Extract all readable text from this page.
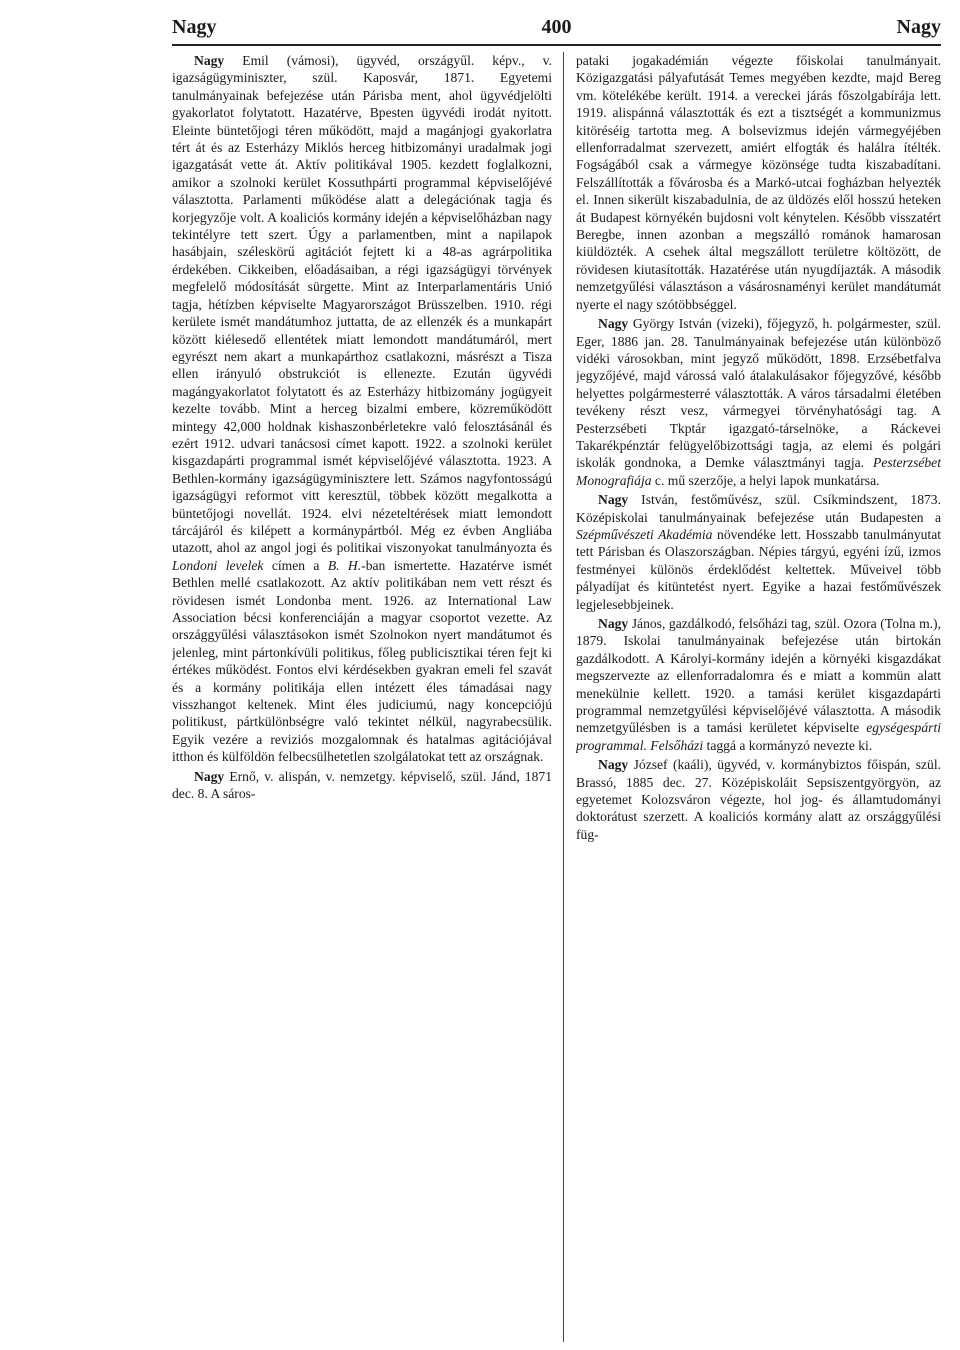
Nagy	400	Nagy

Nagy Emil (vámosi), ügyvéd, országyűl. képv., v. igazságügyminiszter, szül. Kaposvár, 1871. Egyetemi tanulmányainak befejezése után Párisba ment, ahol ügyvédjelölti gyakorlatot folytatott. Hazatérve, Bpesten ügyvédi irodát nyitott. Eleinte büntetőjogi téren működött, majd a magánjogi gyakorlatra tért át és az Esterházy Miklós herceg hitbizományi uradalmak jogi igazgatását vette át. Aktív politikával 1905. kezdett foglalkozni, amikor a szolnoki kerület Kossuthpárti programmal képviselőjévé választotta. Parlamenti működése alatt a delegációnak tagja és korjegyzője volt. A koaliciós kormány idején a képviselőházban nagy tekintélyre tett szert. Úgy a parlamentben, mint a napilapok hasábjain, széleskörű agitációt fejtett ki a 48-as agrárpolitika érdekében. Cikkeiben, előadásaiban, a régi igazságügyi törvények megfelelő módosítását sürgette. Mint az Interparlamentáris Unió tagja, hétízben képviselte Magyarországot Brüsszelben. 1910. régi kerülete ismét mandátumhoz juttatta, de az ellenzék és a munkapárt között kiélesedő ellentétek miatt lemondott mandátumáról, mert egyrészt nem akart a munkapárthoz csatlakozni, másrészt a Tisza ellen irányuló obstrukciót is ellenezte. Ezután ügyvédi magángyakorlatot folytatott és az Esterházy hitbizomány jogügyeit kezelte tovább. Mint a herceg bizalmi embere, közreműködött mintegy 42,000 holdnak kishaszonbérletekre való felosztásánál és ezért 1912. udvari tanácsosi címet kapott. 1922. a szolnoki kerület kisgazdapárti programmal ismét képviselőjévé választotta. 1923. A Bethlen-kormány igazságügyminiszterе lett. Számos nagyfontosságú igazságügyi reformot vitt keresztül, többek között megalkotta a büntetőjogi novellát. 1924. elvi nézeteltérések miatt lemondott tárcájáról és kilépett a kormánypártból. Még ez évben Angliába utazott, ahol az angol jogi és politikai viszonyokat tanulmányozta és Londoni levelek címen a B. H.-ban ismertette. Hazatérve ismét Bethlen mellé csatlakozott. Az aktív politikában nem vett részt és rövidesen ismét Londonba ment. 1926. az International Law Association bécsi konferenciáján a magyar csoportot vezette. Az országgyűlési választásokon ismét Szolnokon nyert mandátumot és jelenleg, mint pártonkívüli politikus, főleg publicisztikai téren fejt ki értékes működést. Fontos elvi kérdésekben gyakran emeli fel szavát és a kormány politikája ellen intézett éles támadásai nagy visszhangot keltenek. Mint éles judiciumú, nagy koncepciójú politikust, pártkülönbségre való tekintet nélkül, nagyrabecsülik. Egyik vezére a reviziós mozgalomnak és hatalmas agitációjával itthon és külföldön felbecsülhetetlen szolgálatokat tett az országnak.

Nagy Ernő, v. alispán, v. nemzetgy. képviselő, szül. Jánd, 1871 dec. 8. A sáros-

pataki jogakadémián végezte főiskolai tanulmányait. Közigazgatási pályafutását Temes megyében kezdte, majd Bereg vm. kötelékébe került. 1914. a vereckei járás főszolgabírája lett. 1919. alispánná választották és ezt a tisztségét a kommunizmus kitöréséig tartotta meg. A bolsevizmus idején vármegyéjében ellenforradalmat szervezett, amiért elfogták és halálra ítélték. Fogságából csak a vármegye közönsége tudta kiszabadítani. Felszállították a fővárosba és a Markó-utcai fogházban helyezték el. Innen sikerült kiszabadulnia, de az üldözés elől hosszú heteken át Budapest környékén bujdosni volt kénytelen. Később visszatért Beregbe, innen azonban a megszálló románok hamarosan kiüldözték. A csehek által megszállott területre költözött, de rövidesen kiutasították. Hazatérése után nyugdíjazták. A második nemzetgyűlési választáson a vásárosnaményi kerület mandátumát nyerte el nagy szótöbbséggel.

Nagy György István (vizeki), főjegyző, h. polgármester, szül. Eger, 1886 jan. 28. Tanulmányainak befejezése után különböző vidéki városokban, mint jegyző működött, 1898. Erzsébetfalva jegyzőjévé, majd várossá való átalakulásakor főjegyzővé, később helyettes polgármesterré választották. A város társadalmi életében tevékeny részt vesz, vármegyei törvényhatósági tag. A Pesterzsébeti Tkptár igazgató-társelnöke, a Ráckevei Takarékpénztár felügyelőbizottsági tagja, az elemi és polgári iskolák gondnoka, a Demke választmányi tagja. Pesterzsébet Monografiája c. mű szerzője, a helyi lapok munkatársa.

Nagy István, festőművész, szül. Csíkmindszent, 1873. Középiskolai tanulmányainak befejezése után Budapesten a Szépművészeti Akadémia növendéke lett. Hosszabb tanulmányutat tett Párisban és Olaszországban. Népies tárgyú, egyéni ízű, izmos festményei különös érdeklődést keltettek. Műveivel több pályadíjat és kitüntetést nyert. Egyike a hazai festőművészek legjelesebbjeinek.

Nagy János, gazdálkodó, felsőházi tag, szül. Ozora (Tolna m.), 1879. Iskolai tanulmányainak befejezése után birtokán gazdálkodott. A Károlyi-kormány idején a környéki kisgazdákat megszervezte az ellenforradalomra és e miatt a kommün alatt menekülnie kellett. 1920. a tamási kerület kisgazdapárti programmal nemzetgyűlési képviselőjévé választotta. A második nemzetgyűlésben is a tamási kerületet képviselte egységespárti programmal. Felsőházi taggá a kormányzó nevezte ki.

Nagy József (kaáli), ügyvéd, v. kormánybiztos főispán, szül. Brassó, 1885 dec. 27. Középiskoláit Sepsiszentgyörgyön, az egyetemet Kolozsváron végezte, hol jog- és államtudományi doktorátust szerzett. A koaliciós kormány alatt az országgyűlési füg-
